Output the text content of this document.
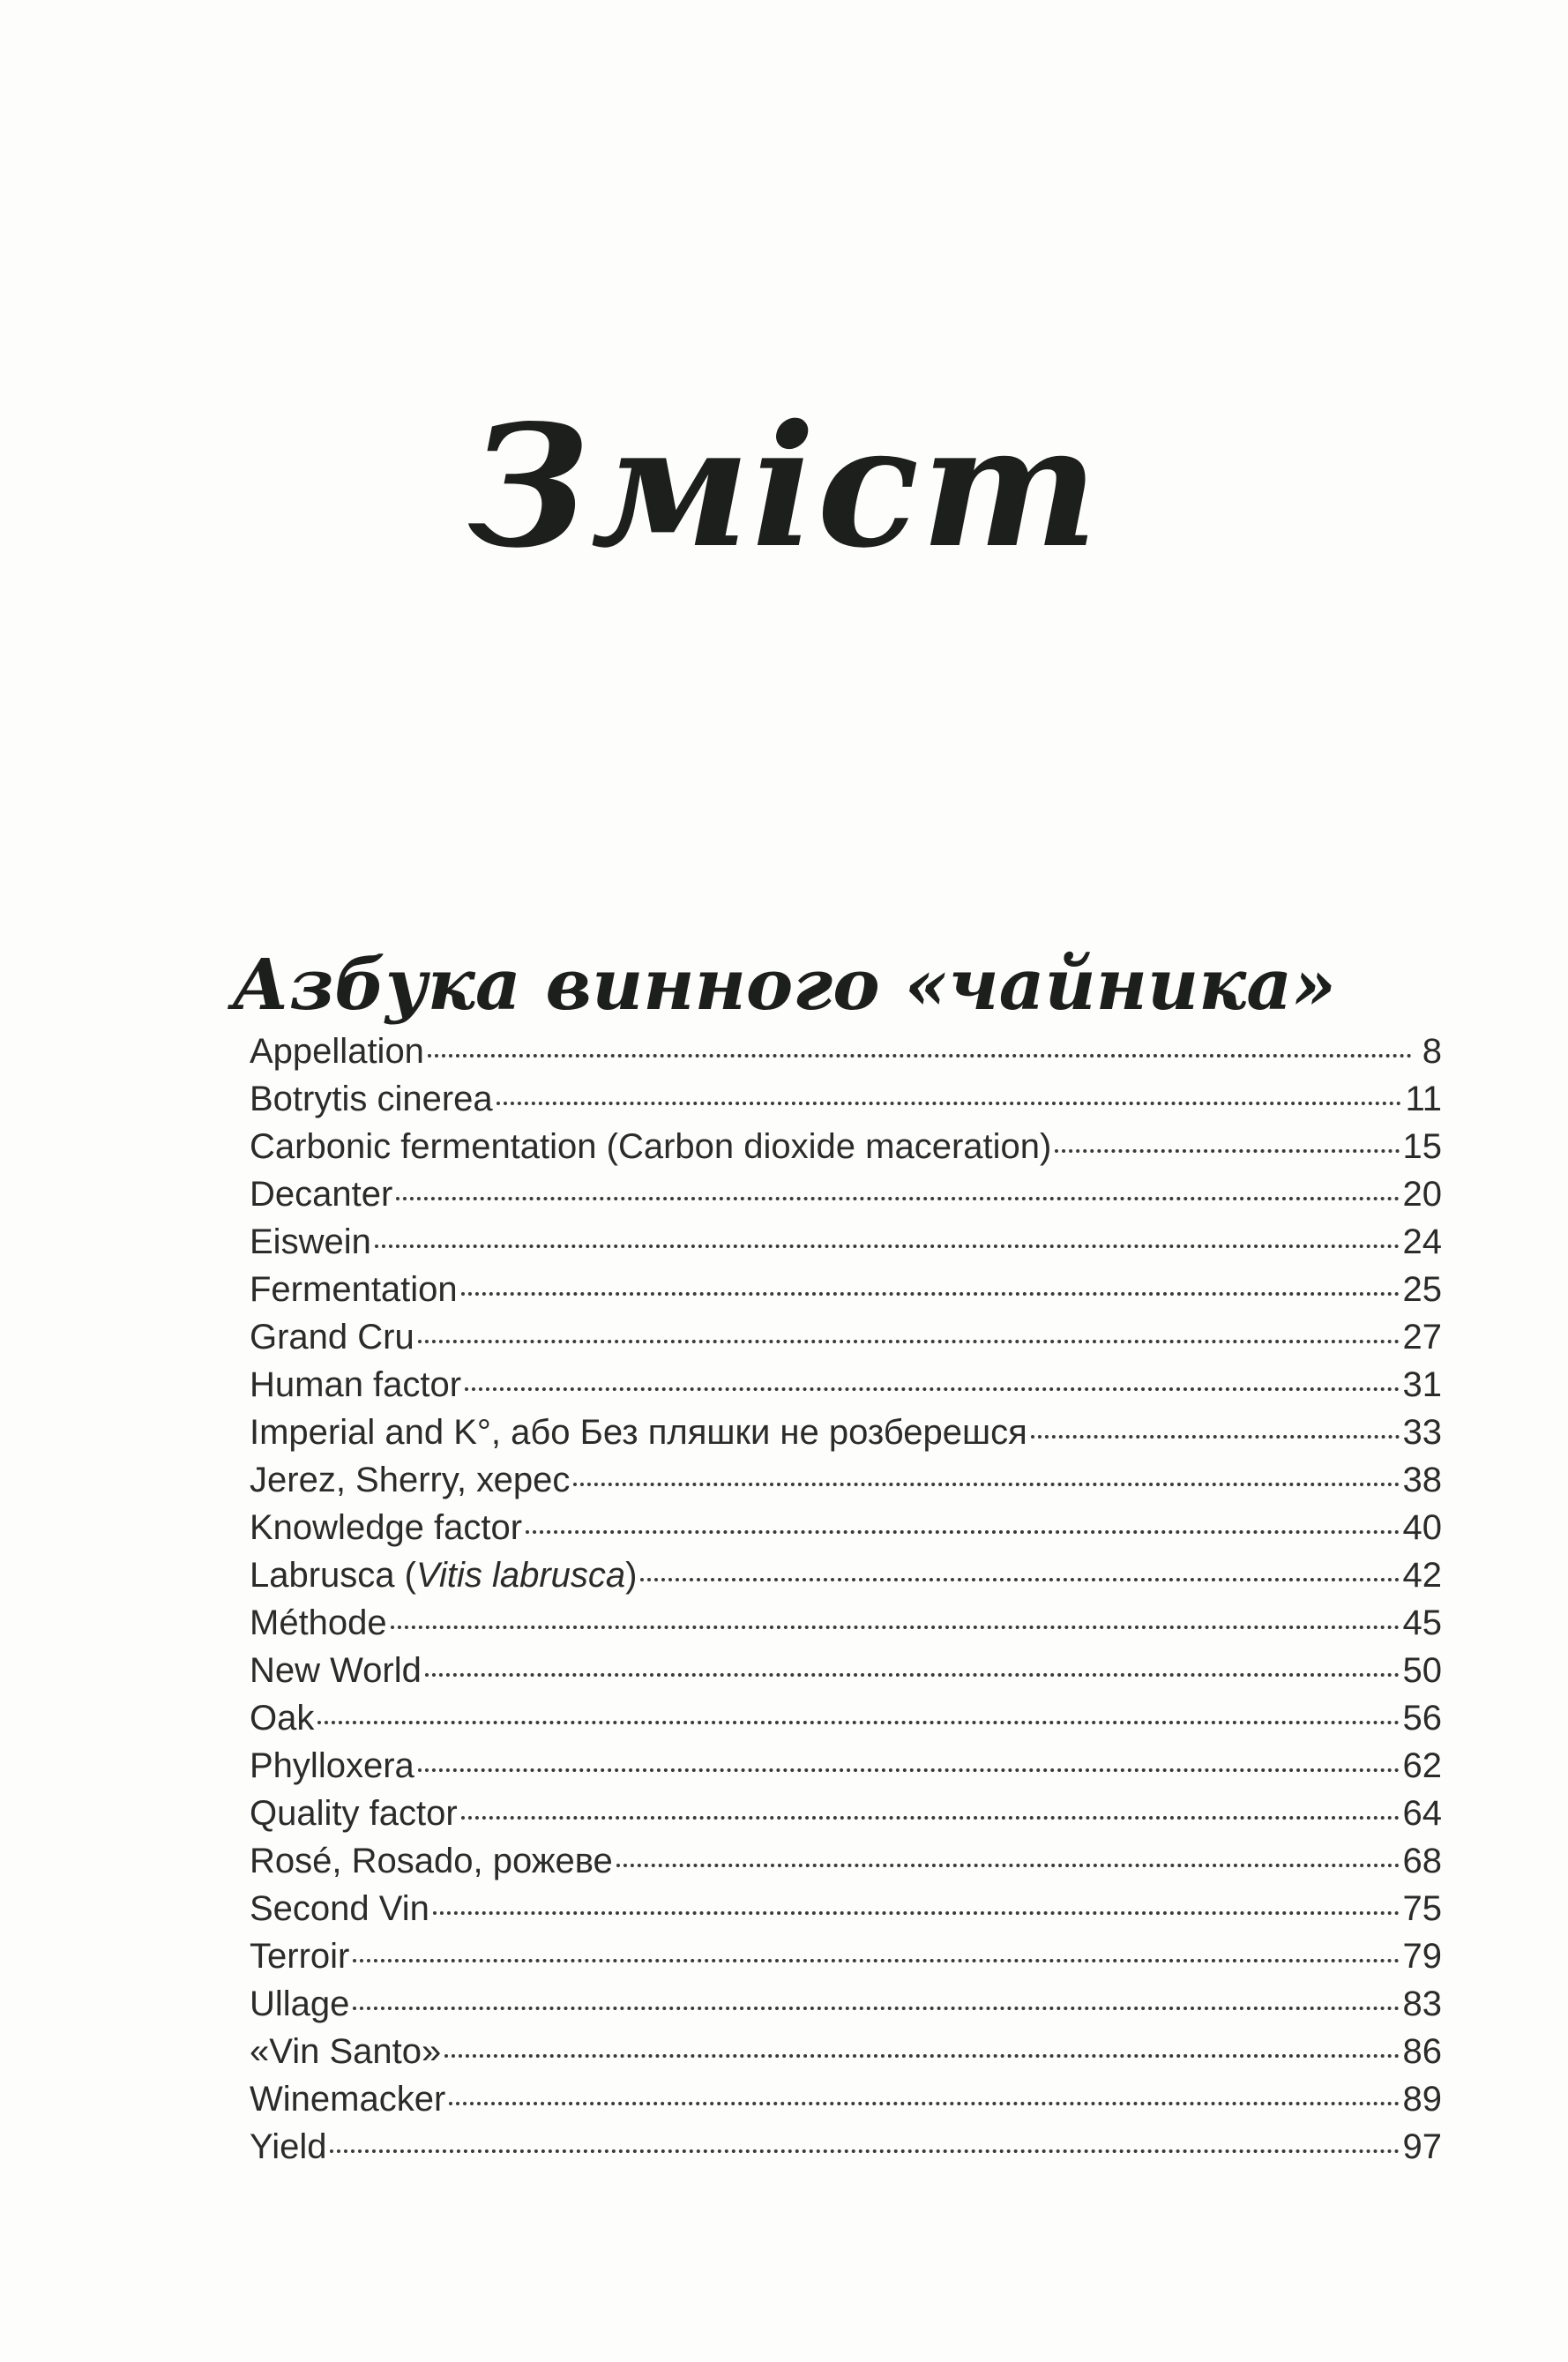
Зміст
Азбука винного «чайника»
Appellation	8
Botrytis cinerea	11
Carbonic fermentation (Carbon dioxide maceration)	15
Decanter	20
Eiswein	24
Fermentation	25
Grand Cru	27
Human factor	31
Imperial and K°, або Без пляшки не розберешся	33
Jerez, Sherry, херес	38
Knowledge factor	40
Labrusca (Vitis labrusca)	42
Méthode	45
New World	50
Oak	56
Phylloxera	62
Quality factor	64
Rosé, Rosado, рожеве	68
Second Vin	75
Terroir	79
Ullage	83
«Vin Santo»	86
Winemacker	89
Yield	97
